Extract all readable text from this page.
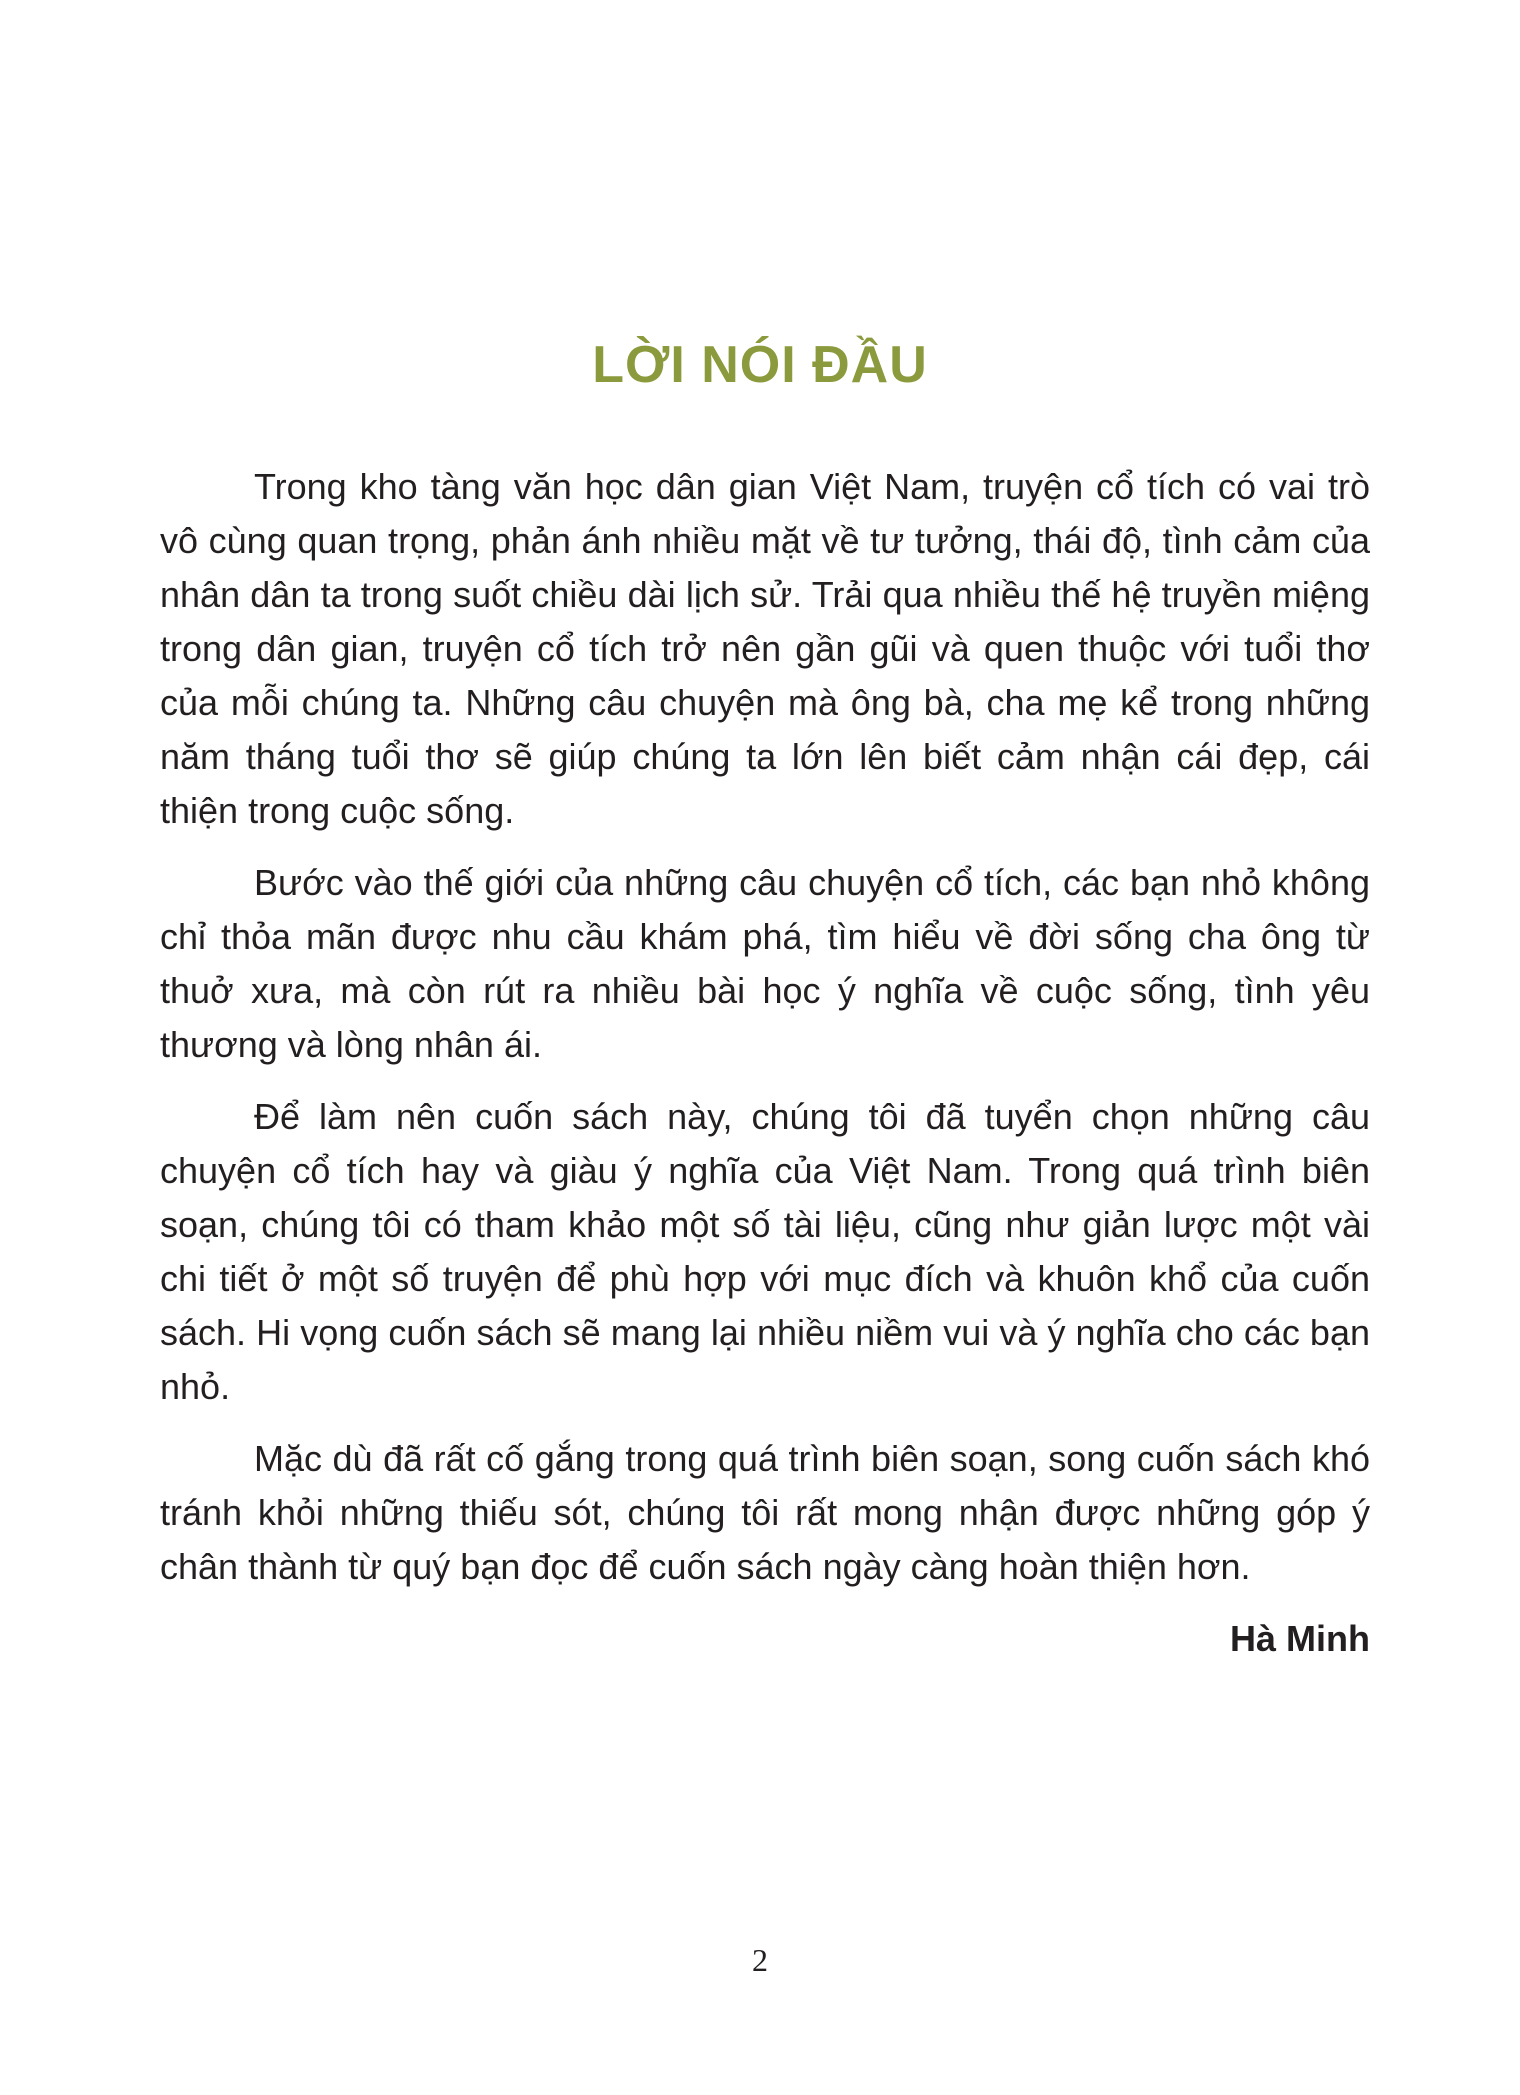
LỜI NÓI ĐẦU

Trong kho tàng văn học dân gian Việt Nam, truyện cổ tích có vai trò vô cùng quan trọng, phản ánh nhiều mặt về tư tưởng, thái độ, tình cảm của nhân dân ta trong suốt chiều dài lịch sử. Trải qua nhiều thế hệ truyền miệng trong dân gian, truyện cổ tích trở nên gần gũi và quen thuộc với tuổi thơ của mỗi chúng ta. Những câu chuyện mà ông bà, cha mẹ kể trong những năm tháng tuổi thơ sẽ giúp chúng ta lớn lên biết cảm nhận cái đẹp, cái thiện trong cuộc sống.

Bước vào thế giới của những câu chuyện cổ tích, các bạn nhỏ không chỉ thỏa mãn được nhu cầu khám phá, tìm hiểu về đời sống cha ông từ thuở xưa, mà còn rút ra nhiều bài học ý nghĩa về cuộc sống, tình yêu thương và lòng nhân ái.

Để làm nên cuốn sách này, chúng tôi đã tuyển chọn những câu chuyện cổ tích hay và giàu ý nghĩa của Việt Nam. Trong quá trình biên soạn, chúng tôi có tham khảo một số tài liệu, cũng như giản lược một vài chi tiết ở một số truyện để phù hợp với mục đích và khuôn khổ của cuốn sách. Hi vọng cuốn sách sẽ mang lại nhiều niềm vui và ý nghĩa cho các bạn nhỏ.

Mặc dù đã rất cố gắng trong quá trình biên soạn, song cuốn sách khó tránh khỏi những thiếu sót, chúng tôi rất mong nhận được những góp ý chân thành từ quý bạn đọc để cuốn sách ngày càng hoàn thiện hơn.

Hà Minh

2
